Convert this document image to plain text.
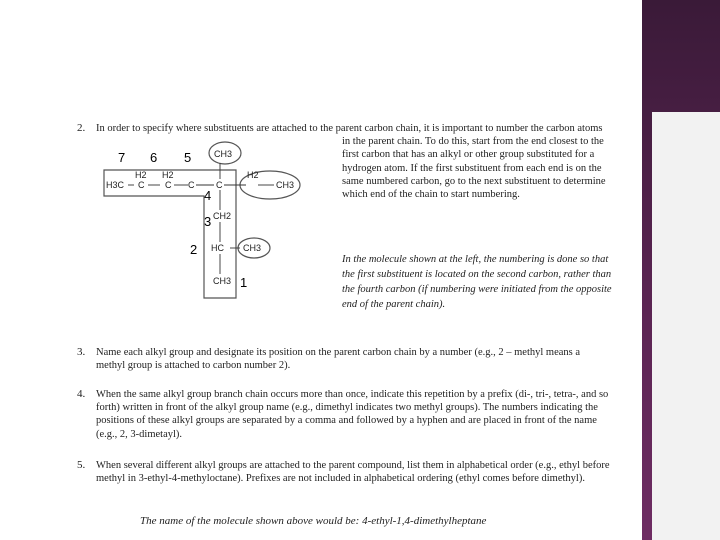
2. In order to specify where substituents are attached to the parent carbon chain, it is important to number the carbon atoms in the parent chain. To do this, start from the end closest to the first carbon that has an alkyl or other group substituted for a hydrogen atom. If the first substituent from each end is on the same numbered carbon, go to the next substituent to determine which end of the chain to start numbering.
7 6 5
4
3
2
1
H3C
H2
C
H2
C C C
H2
CH3
CH3
CH2
HC CH3
CH3
In the molecule shown at the left, the numbering is done so that the first substituent is located on the second carbon, rather than the fourth carbon (if numbering were initiated from the opposite end of the parent chain).
3. Name each alkyl group and designate its position on the parent carbon chain by a number (e.g., 2 – methyl means a methyl group is attached to carbon number 2).
4. When the same alkyl group branch chain occurs more than once, indicate this repetition by a prefix (di-, tri-, tetra-, and so forth) written in front of the alkyl group name (e.g., dimethyl indicates two methyl groups). The numbers indicating the positions of these alkyl groups are separated by a comma and followed by a hyphen and are placed in front of the name (e.g., 2, 3-dimetayl).
5. When several different alkyl groups are attached to the parent compound, list them in alphabetical order (e.g., ethyl before methyl in 3-ethyl-4-methyloctane). Prefixes are not included in alphabetical ordering (ethyl comes before dimethyl).
The name of the molecule shown above would be: 4-ethyl-1,4-dimethylheptane
